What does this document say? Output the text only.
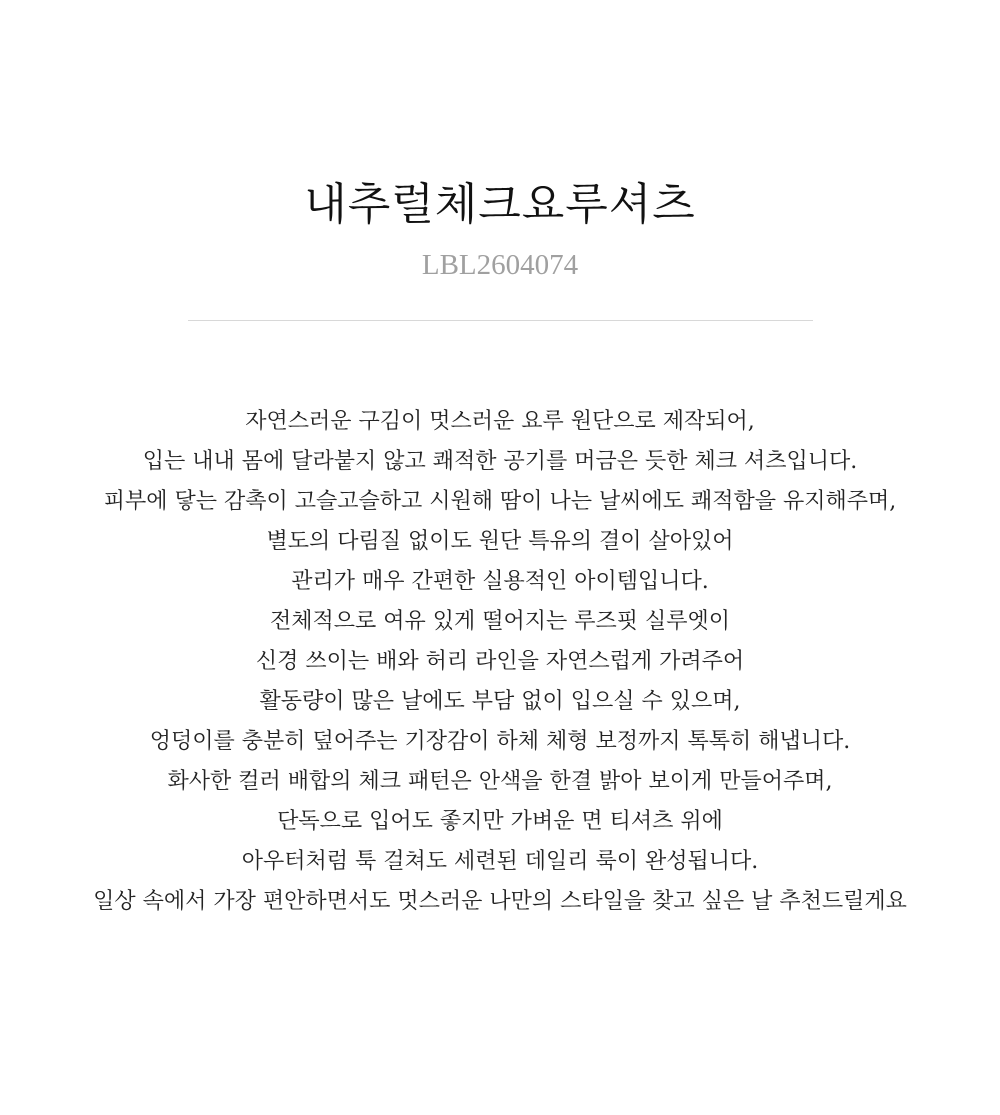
내추럴체크요루셔츠
LBL2604074
자연스러운 구김이 멋스러운 요루 원단으로 제작되어,
입는 내내 몸에 달라붙지 않고 쾌적한 공기를 머금은 듯한 체크 셔츠입니다.
피부에 닿는 감촉이 고슬고슬하고 시원해 땀이 나는 날씨에도 쾌적함을 유지해주며,
별도의 다림질 없이도 원단 특유의 결이 살아있어
관리가 매우 간편한 실용적인 아이템입니다.
전체적으로 여유 있게 떨어지는 루즈핏 실루엣이
신경 쓰이는 배와 허리 라인을 자연스럽게 가려주어
활동량이 많은 날에도 부담 없이 입으실 수 있으며,
엉덩이를 충분히 덮어주는 기장감이 하체 체형 보정까지 톡톡히 해냅니다.
화사한 컬러 배합의 체크 패턴은 안색을 한결 밝아 보이게 만들어주며,
단독으로 입어도 좋지만 가벼운 면 티셔츠 위에
아우터처럼 툭 걸쳐도 세련된 데일리 룩이 완성됩니다.
일상 속에서 가장 편안하면서도 멋스러운 나만의 스타일을 찾고 싶은 날 추천드릴게요
